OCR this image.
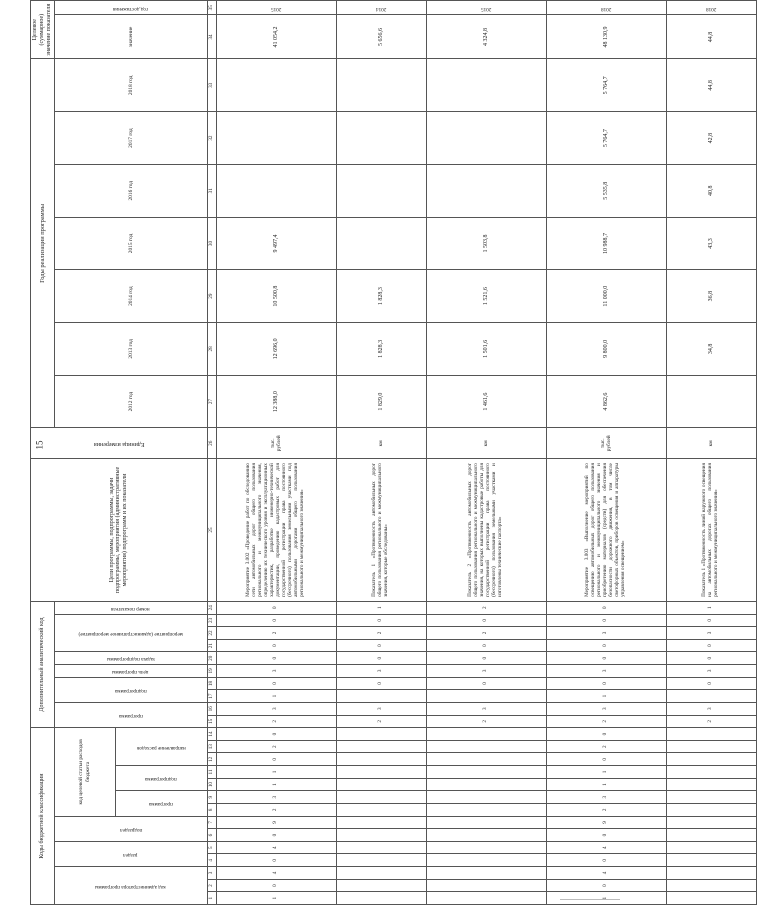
15
Коды бюджетной классификации														Дополнительный аналитический код										Цели программы, подпрограммы, задачи подпрограммы, мероприятия (административные мероприятия) подпрограмм и их показатели	Единица измерения	Годы реализации программы							Целевое (суммарное) значение показателя	

код администратора программы			раздел		подраздел		код целевой статьи расходов бюджета							программа		подпрограмма		цель программы	задача подпрограммы	мероприятие (административное мероприятие)			номер показателя			2012 год	2013 год	2014 год	2015 год	2016 год	2017 год	2018 год	значение	год достижения

							программа		подпрограмма		направление расходов																							

1	2	3	4	5	6	7	8	9	10	11	12	13	14	15	16	17	18	19	20	21	22	23	24	25	26	27	28	29	30	31	32	33	34	35
1	0	4	0	4	0	9	2	3	1	1	0	2	0	2	3	1	0	3	0	0	2	0	0	Мероприятие 3.002 «Проведение работ по обследованию сети автомобильных дорог общего пользования регионального и межмуниципального значения, определению их технического уровня и эксплуатационных характеристик, разработке инженерно-технической документации, проведению кадастровых работ для государственной регистрации права постоянного (бессрочного) пользования земельными участками под автомобильными дорогами общего пользования регионального и межмуниципального значения»	тыс. рублей	12 388,0	12 696,0	10 500,8	9 497,4				41 054,2	2015

														2	3		0	3	0	0	2	0	1	Показатель 1 «Протяженность автомобильных дорог общего пользования регионального и межмуниципального значения, которые обследованы»	км	1 829,0	1 828,3	1 828,3					5 656,6	2014

														2	3		0	3	0	0	2	0	2	Показатель 2 «Протяженность автомобильных дорог общего пользования регионального и межмуниципального значения, на которых выполнены кадастровые работы для государственной регистрации права постоянного (бессрочного) пользования земельными участками и изготовлены технические паспорта»	км	1 461,6	1 501,6	1 521,6	1 503,8				4 324,8	2015

1	0	4	0	4	0	9	2	3	1	1	0	2	0	2	3	1	0	3	0	0	3	0	0	Мероприятие 3.003 «Выполнение мероприятий по освещению автомобильных дорог общего пользования регионального и межмуниципального значения и приобретению материалов (средств) для обеспечения безопасности дорожного движения, в том числе светофорных объектов, приборов освещения и аппаратуры управления освещением»	тыс. рублей	4 862,6	9 800,0	11 000,0	10 988,7	5 535,8	5 764,7	5 764,7	48 130,9	2018

														2	3		0	3	0	0	3	0	1	Показатель 1 «Протяженность линий наружного освещения на автомобильных дорогах общего пользования регионального и межмуниципального значения»	км		34,8	36,8	43,3	40,8	42,8	44,8	44,8	2018
